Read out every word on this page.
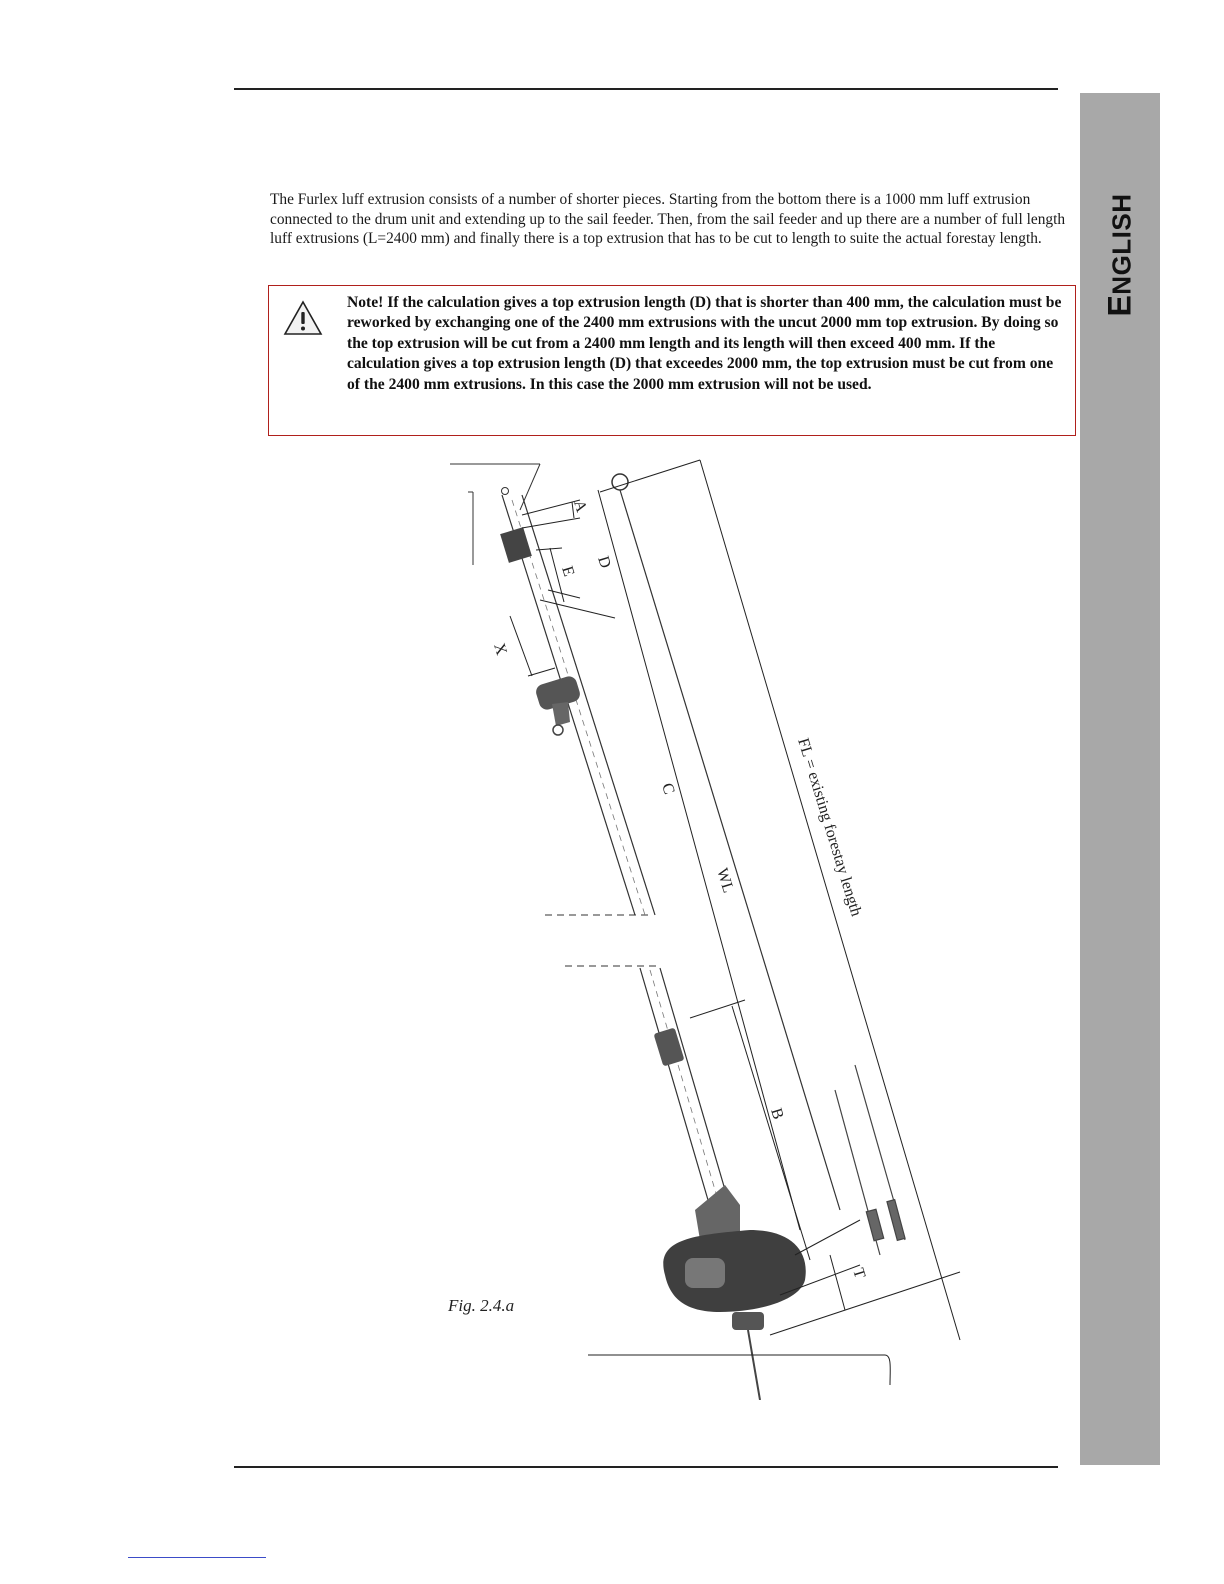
ENGLISH

The Furlex luff extrusion consists of a number of shorter pieces. Starting from the bottom there is a 1000 mm luff extrusion connected to the drum unit and extending up to the sail feeder. Then, from the sail feeder and up there are a number of full length luff extrusions (L=2400 mm) and finally there is a top extrusion that has to be cut to length to suite the actual forestay length.

Note! If the calculation gives a top extrusion length (D) that is shorter than 400 mm, the calculation must be reworked by exchanging one of the 2400 mm extrusions with the uncut 2000 mm top extrusion. By doing so the top extrusion will be cut from a 2400 mm length and its length will then exceed 400 mm. If the calculation gives a top extrusion length (D) that exceedes 2000 mm, the top extrusion must be cut from one of the 2400 mm extrusions. In this case the 2000 mm extrusion will not be used.

A
D
E
X
C
WL
B
T
FL = existing forestay length
Fig. 2.4.a
